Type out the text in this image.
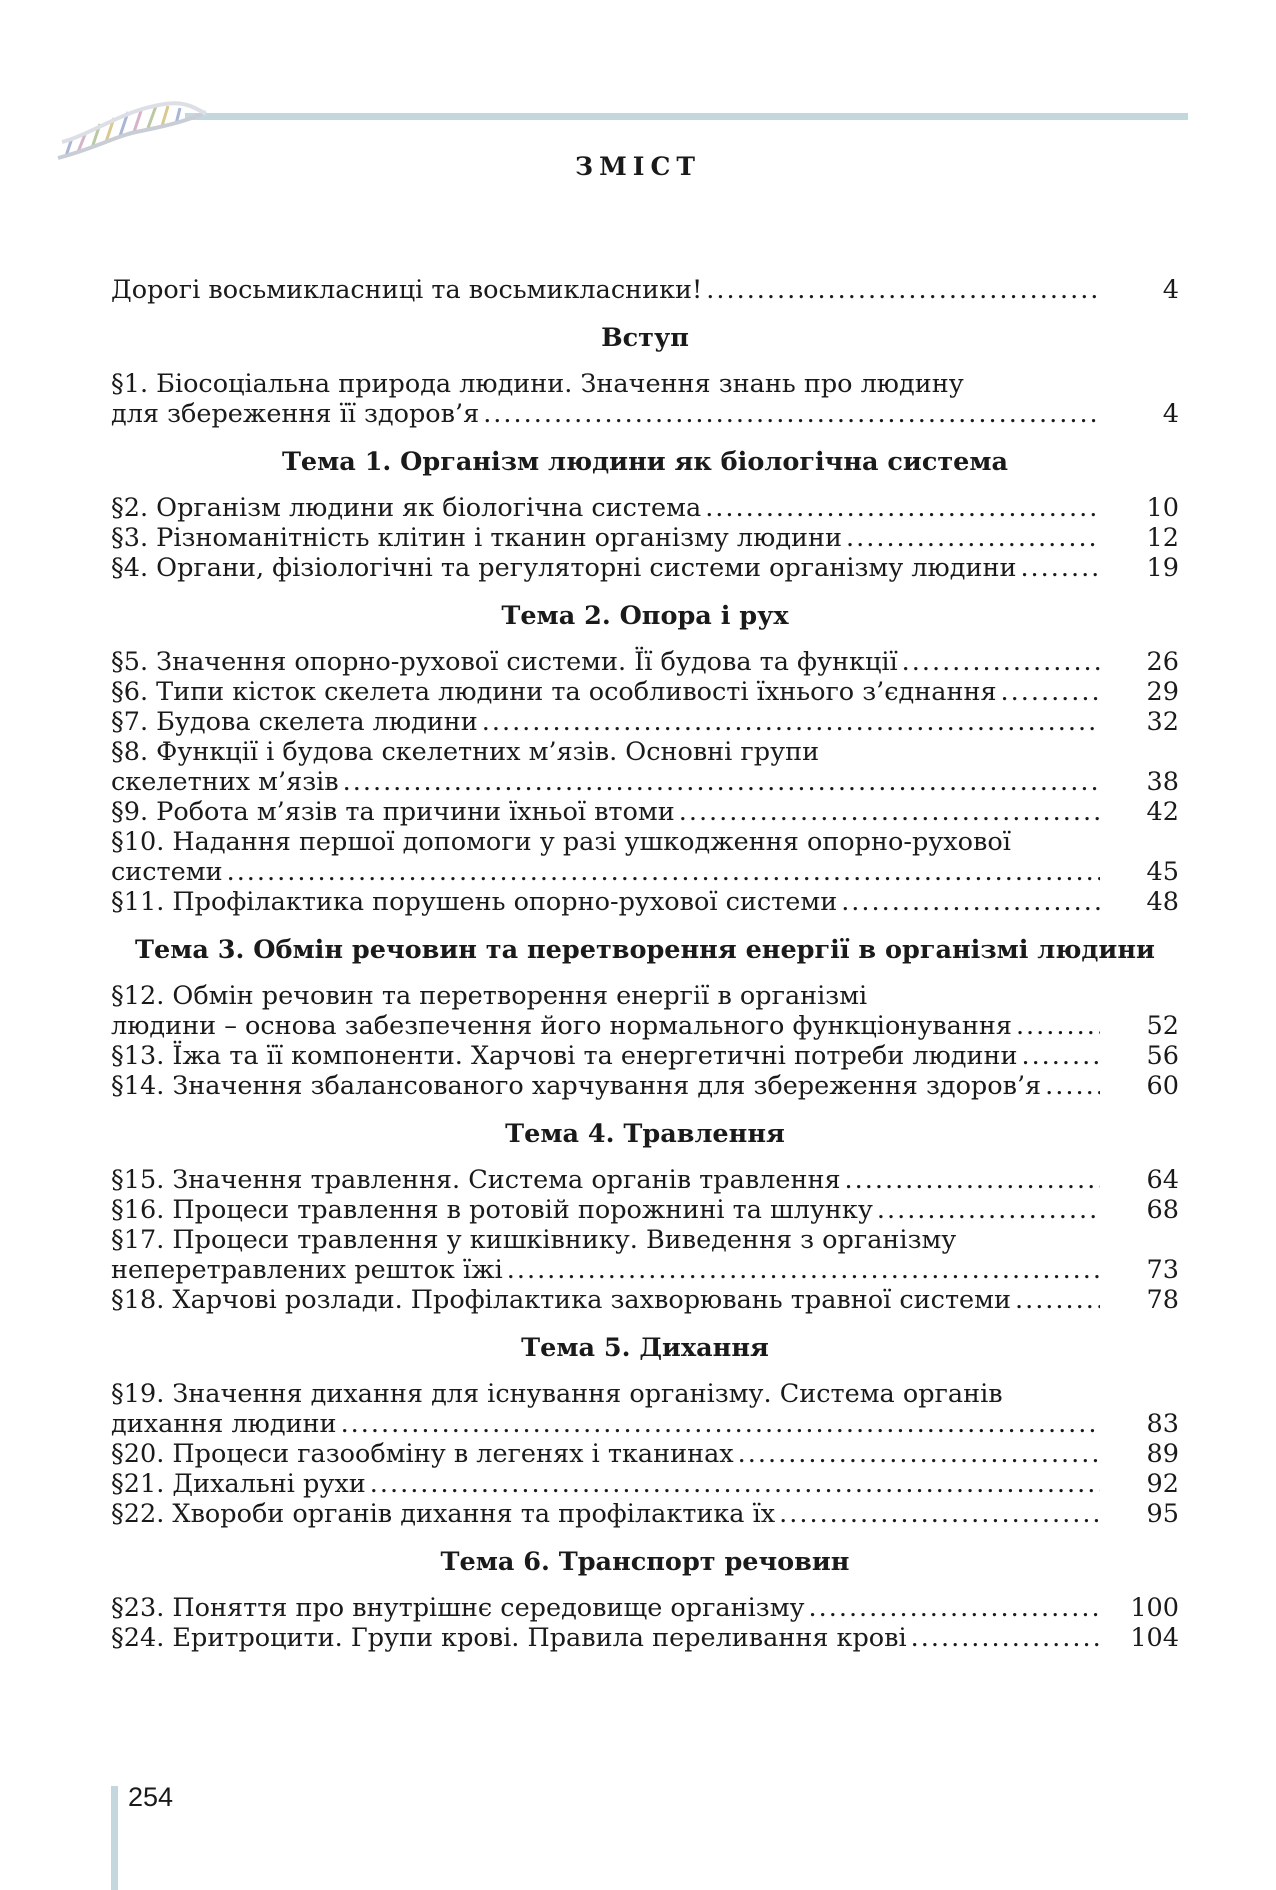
ЗМІСТ
Дорогі восьмикласниці та восьмикласники! .....	4
Вступ
§1. Біосоціальна природа людини. Значення знань про людину
для збереження її здоров’я .....	4
Тема 1. Організм людини як біологічна система
§2. Організм людини як біологічна система .....	10
§3. Різноманітність клітин і тканин організму людини .....	12
§4. Органи, фізіологічні та регуляторні системи організму людини .....	19
Тема 2. Опора і рух
§5. Значення опорно-рухової системи. Її будова та функції .....	26
§6. Типи кісток скелета людини та особливості їхнього з’єднання .....	29
§7. Будова скелета людини .....	32
§8. Функції і будова скелетних м’язів. Основні групи
скелетних м’язів .....	38
§9. Робота м’язів та причини їхньої втоми .....	42
§10. Надання першої допомоги у разі ушкодження опорно-рухової
системи .....	45
§11. Профілактика порушень опорно-рухової системи .....	48
Тема 3. Обмін речовин та перетворення енергії в організмі людини
§12. Обмін речовин та перетворення енергії в організмі
людини – основа забезпечення його нормального функціонування .....	52
§13. Їжа та її компоненти. Харчові та енергетичні потреби людини .....	56
§14. Значення збалансованого харчування для збереження здоров’я .....	60
Тема 4. Травлення
§15. Значення травлення. Система органів травлення .....	64
§16. Процеси травлення в ротовій порожнині та шлунку .....	68
§17. Процеси травлення у кишківнику. Виведення з організму
неперетравлених решток їжі .....	73
§18. Харчові розлади. Профілактика захворювань травної системи .....	78
Тема 5. Дихання
§19. Значення дихання для існування організму. Система органів
дихання людини .....	83
§20. Процеси газообміну в легенях і тканинах .....	89
§21. Дихальні рухи .....	92
§22. Хвороби органів дихання та профілактика їх .....	95
Тема 6. Транспорт речовин
§23. Поняття про внутрішнє середовище організму .....	100
§24. Еритроцити. Групи крові. Правила переливання крові .....	104
254
